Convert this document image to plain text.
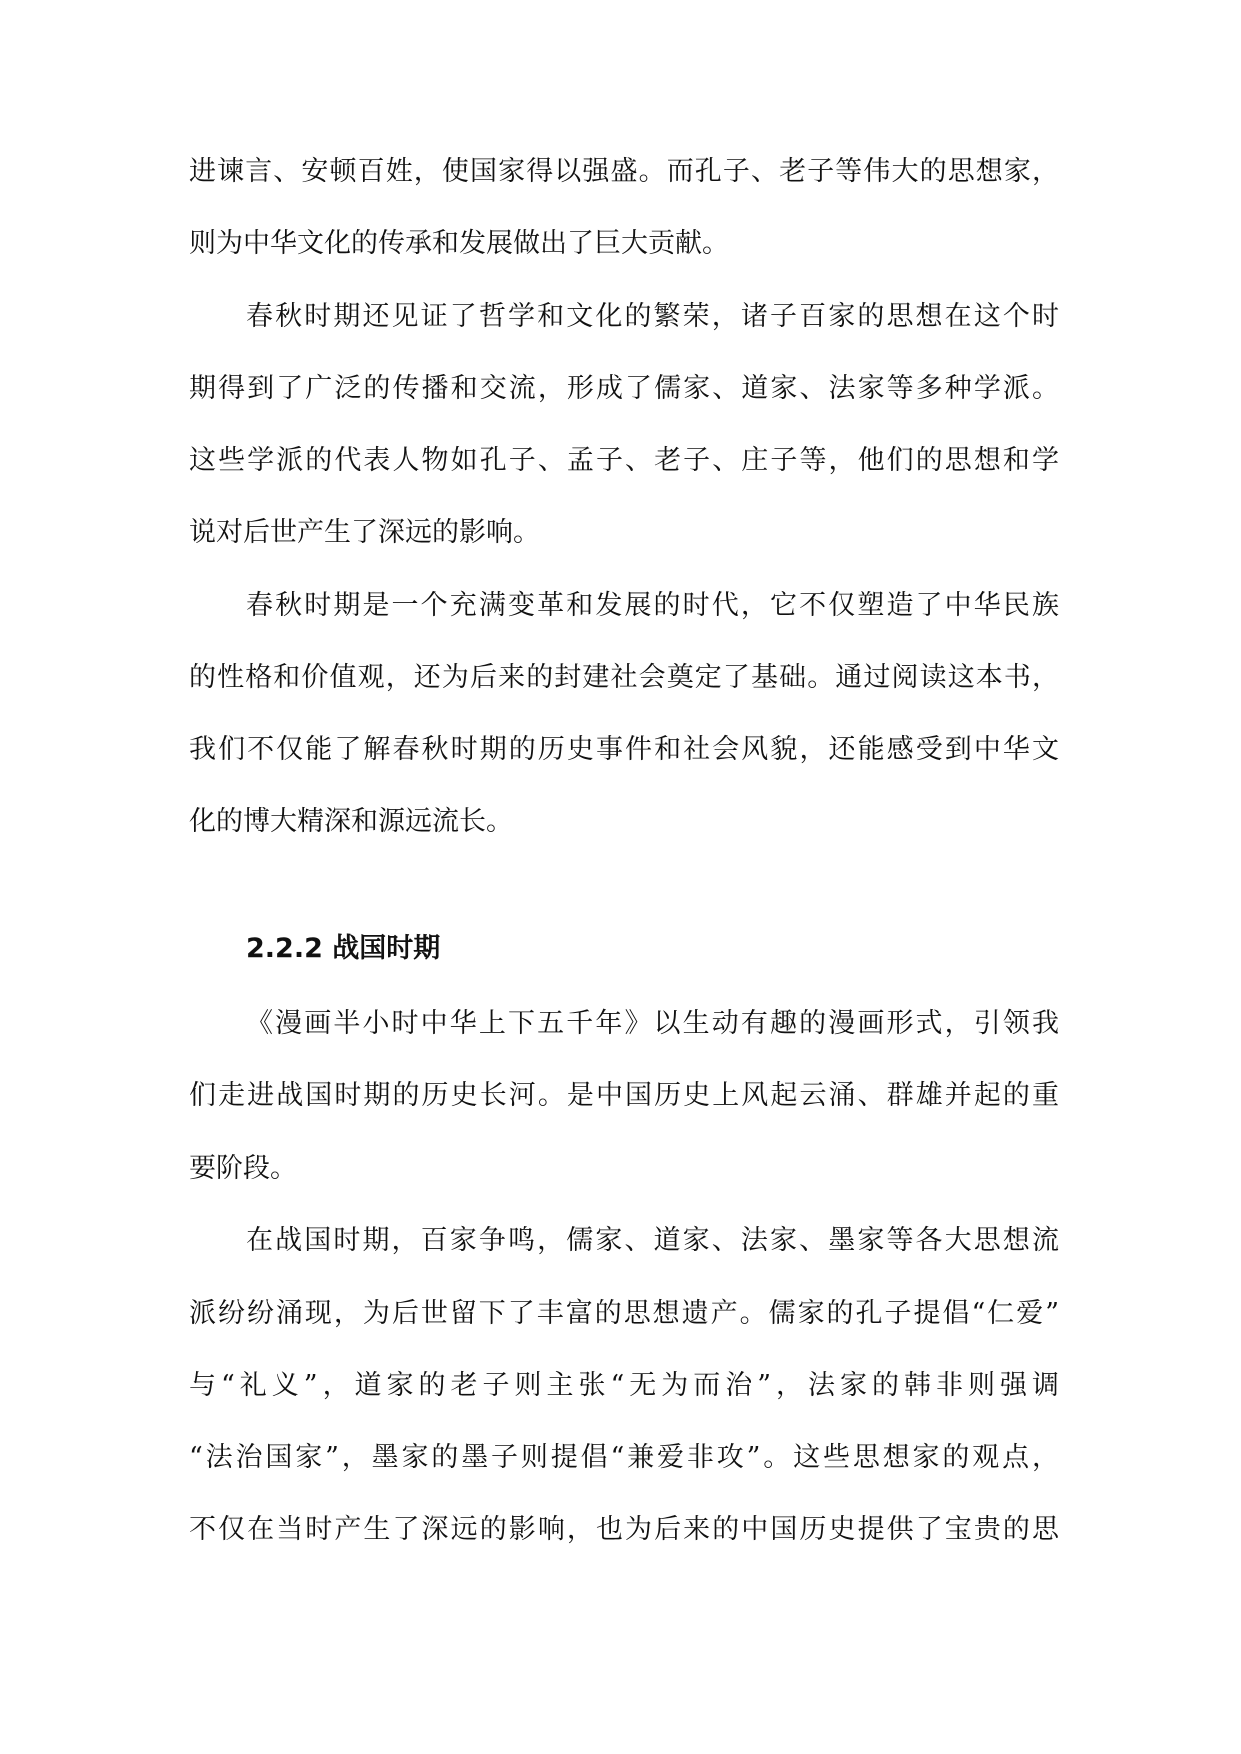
进谏言、安顿百姓，使国家得以强盛。而孔子、老子等伟大的思想家，
则为中华文化的传承和发展做出了巨大贡献。
春秋时期还见证了哲学和文化的繁荣，诸子百家的思想在这个时
期得到了广泛的传播和交流，形成了儒家、道家、法家等多种学派。
这些学派的代表人物如孔子、孟子、老子、庄子等，他们的思想和学
说对后世产生了深远的影响。
春秋时期是一个充满变革和发展的时代，它不仅塑造了中华民族
的性格和价值观，还为后来的封建社会奠定了基础。通过阅读这本书，
我们不仅能了解春秋时期的历史事件和社会风貌，还能感受到中华文
化的博大精深和源远流长。
2.2.2 战国时期
《漫画半小时中华上下五千年》以生动有趣的漫画形式，引领我
们走进战国时期的历史长河。是中国历史上风起云涌、群雄并起的重
要阶段。
在战国时期，百家争鸣，儒家、道家、法家、墨家等各大思想流
派纷纷涌现，为后世留下了丰富的思想遗产。儒家的孔子提倡“仁爱”
与“礼义”，道家的老子则主张“无为而治”，法家的韩非则强调
“法治国家”，墨家的墨子则提倡“兼爱非攻”。这些思想家的观点，
不仅在当时产生了深远的影响，也为后来的中国历史提供了宝贵的思
